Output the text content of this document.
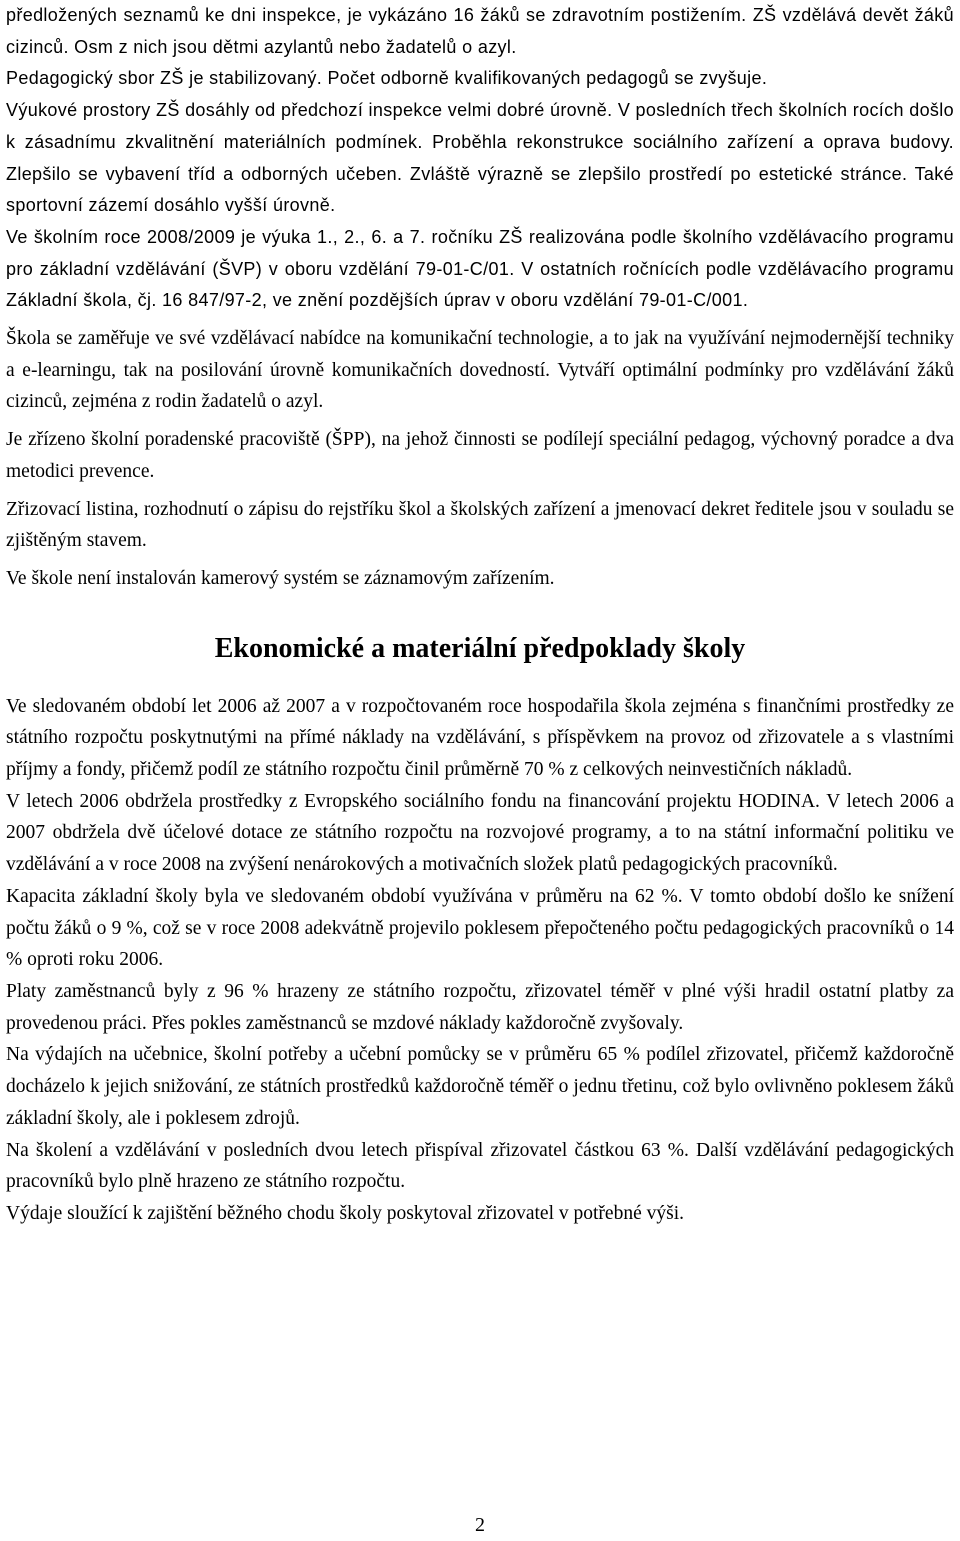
předložených seznamů ke dni inspekce, je vykázáno 16 žáků se zdravotním postižením. ZŠ vzdělává devět žáků cizinců. Osm z nich jsou dětmi azylantů nebo žadatelů o azyl.

Pedagogický sbor ZŠ je stabilizovaný. Počet odborně kvalifikovaných pedagogů se zvyšuje.

Výukové prostory ZŠ dosáhly od předchozí inspekce velmi dobré úrovně. V posledních třech školních rocích došlo k zásadnímu zkvalitnění materiálních podmínek. Proběhla rekonstrukce sociálního zařízení a oprava budovy. Zlepšilo se vybavení tříd a odborných učeben. Zvláště výrazně se zlepšilo prostředí po estetické stránce. Také sportovní zázemí dosáhlo vyšší úrovně.

Ve školním roce 2008/2009 je výuka 1., 2., 6. a 7. ročníku ZŠ realizována podle školního vzdělávacího programu pro základní vzdělávání (ŠVP) v oboru vzdělání 79-01-C/01. V ostatních ročnících podle vzdělávacího programu Základní škola, čj. 16 847/97-2, ve znění pozdějších úprav v oboru vzdělání 79-01-C/001.

Škola se zaměřuje ve své vzdělávací nabídce na komunikační technologie, a to jak na využívání nejmodernější techniky a e-learningu, tak na posilování úrovně komunikačních dovedností. Vytváří optimální podmínky pro vzdělávání žáků cizinců, zejména z rodin žadatelů o azyl.

Je zřízeno školní poradenské pracoviště (ŠPP), na jehož činnosti se podílejí speciální pedagog, výchovný poradce a dva metodici prevence.

Zřizovací listina, rozhodnutí o zápisu do rejstříku škol a školských zařízení a jmenovací dekret ředitele jsou v souladu se zjištěným stavem.

Ve škole není instalován kamerový systém se záznamovým zařízením.

Ekonomické a materiální předpoklady školy

Ve sledovaném období let 2006 až 2007 a v rozpočtovaném roce hospodařila škola zejména s finančními prostředky ze státního rozpočtu poskytnutými na přímé náklady na vzdělávání, s příspěvkem na provoz od zřizovatele a s vlastními příjmy a fondy, přičemž podíl ze státního rozpočtu činil průměrně 70 % z celkových neinvestičních nákladů.

V letech 2006 obdržela prostředky z Evropského sociálního fondu na financování projektu HODINA. V letech 2006 a 2007 obdržela dvě účelové dotace ze státního rozpočtu na rozvojové programy, a to na státní informační politiku ve vzdělávání a v roce 2008 na zvýšení nenárokových a motivačních složek platů pedagogických pracovníků.

Kapacita základní školy byla ve sledovaném období využívána v průměru na 62 %. V tomto období došlo ke snížení počtu žáků o 9 %, což se v roce 2008 adekvátně projevilo poklesem přepočteného počtu pedagogických pracovníků o 14 % oproti roku 2006.

Platy zaměstnanců byly z 96 % hrazeny ze státního rozpočtu, zřizovatel téměř v plné výši hradil ostatní platby za provedenou práci. Přes pokles zaměstnanců se mzdové náklady každoročně zvyšovaly.

Na výdajích na učebnice, školní potřeby a učební pomůcky se v průměru 65 % podílel zřizovatel, přičemž každoročně docházelo k jejich snižování, ze státních prostředků každoročně téměř o jednu třetinu, což bylo ovlivněno poklesem žáků základní školy, ale i poklesem zdrojů.

Na školení a vzdělávání v posledních dvou letech přispíval zřizovatel částkou 63 %. Další vzdělávání pedagogických pracovníků bylo plně hrazeno ze státního rozpočtu.

Výdaje sloužící k zajištění běžného chodu školy poskytoval zřizovatel v potřebné výši.

2
